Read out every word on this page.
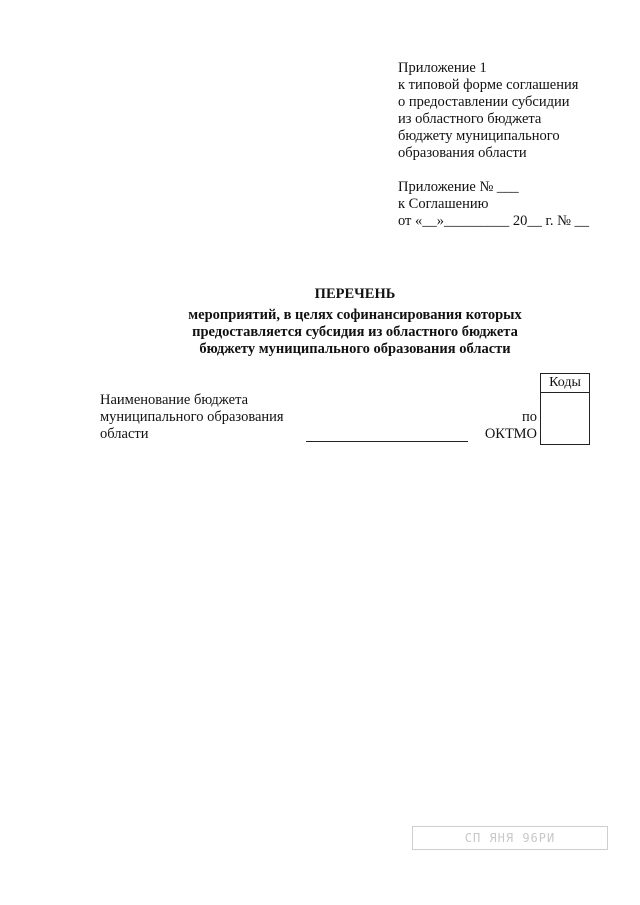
Приложение 1
к типовой форме соглашения
о предоставлении субсидии
из областного бюджета
бюджету муниципального
образования области
Приложение № ___
к Соглашению
от «__»_________ 20__ г. № __
ПЕРЕЧЕНЬ
мероприятий, в целях софинансирования которых
предоставляется субсидия из областного бюджета
бюджету муниципального образования области
Коды
Наименование бюджета
муниципального образования
области
по
ОКТМО
СП ЯНЯ 96РИ
